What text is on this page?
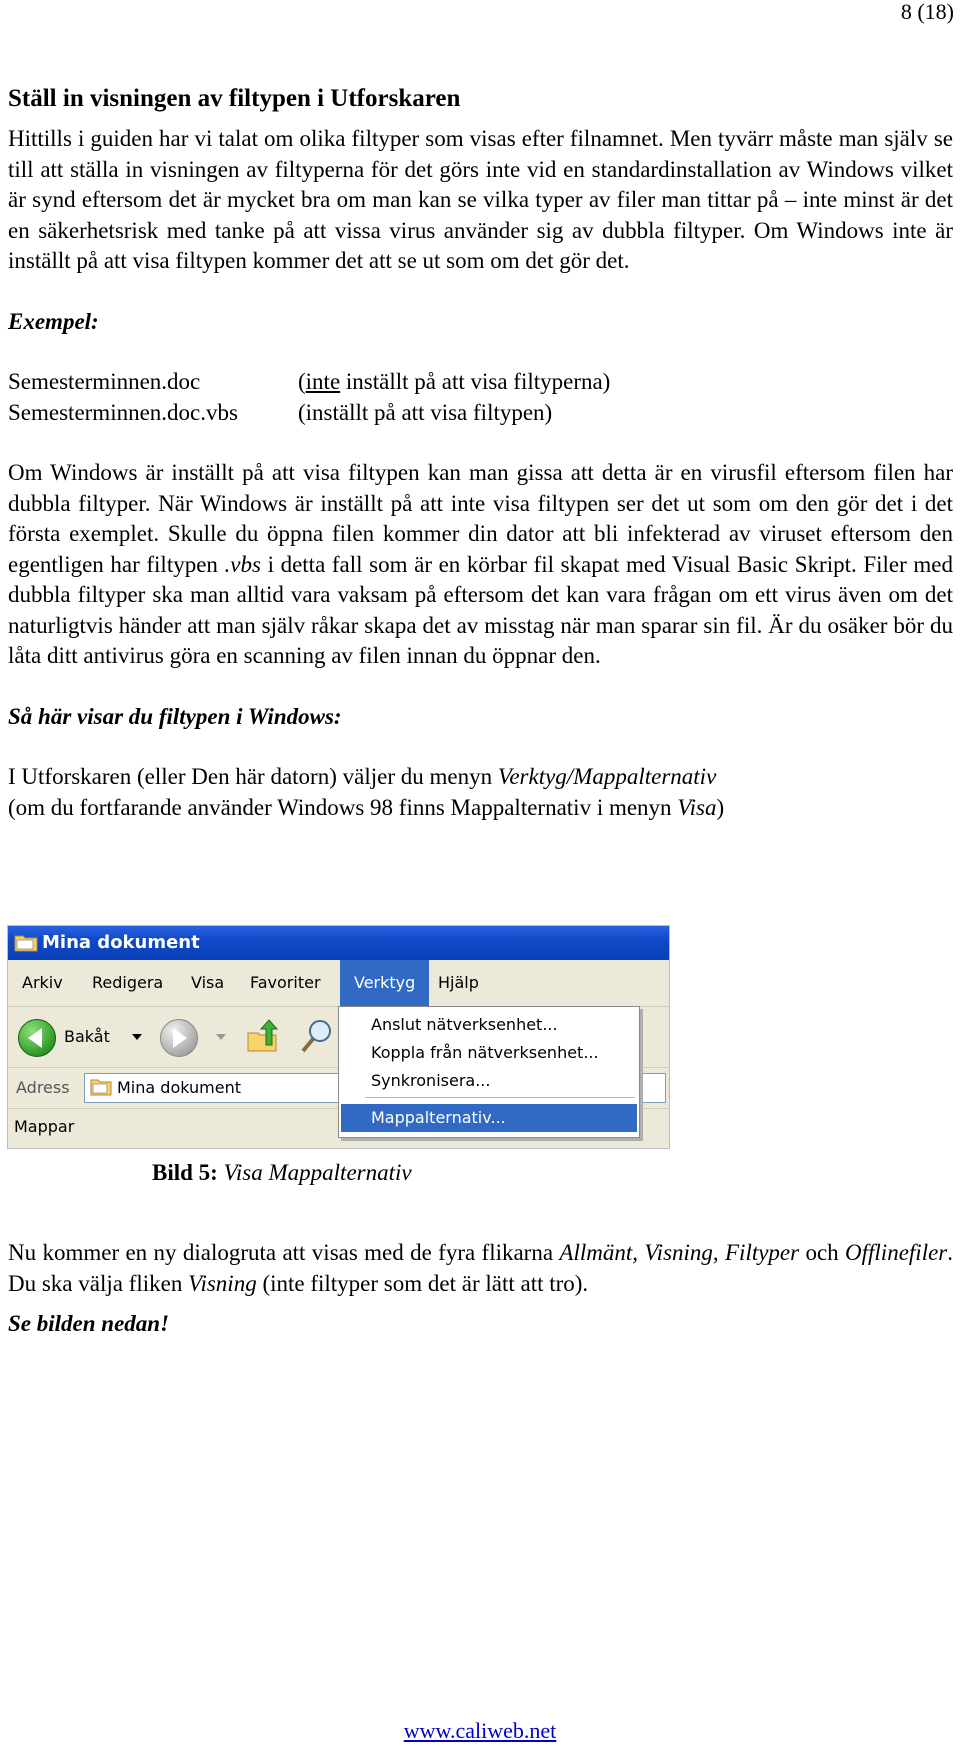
8 (18)
Ställ in visningen av filtypen i Utforskaren

Hittills i guiden har vi talat om olika filtyper som visas efter filnamnet. Men tyvärr måste man själv se till att ställa in visningen av filtyperna för det görs inte vid en standardinstallation av Windows vilket är synd eftersom det är mycket bra om man kan se vilka typer av filer man tittar på – inte minst är det en säkerhetsrisk med tanke på att vissa virus använder sig av dubbla filtyper. Om Windows inte är inställt på att visa filtypen kommer det att se ut som om det gör det.

Exempel:

Semesterminnen.doc	(inte inställt på att visa filtyperna)
Semesterminnen.doc.vbs	(inställt på att visa filtypen)

Om Windows är inställt på att visa filtypen kan man gissa att detta är en virusfil eftersom filen har dubbla filtyper. När Windows är inställt på att inte visa filtypen ser det ut som om den gör det i det första exemplet. Skulle du öppna filen kommer din dator att bli infekterad av viruset eftersom den egentligen har filtypen .vbs i detta fall som är en körbar fil skapat med Visual Basic Skript. Filer med dubbla filtyper ska man alltid vara vaksam på eftersom det kan vara frågan om ett virus även om det naturligtvis händer att man själv råkar skapa det av misstag när man sparar sin fil. Är du osäker bör du låta ditt antivirus göra en scanning av filen innan du öppnar den.

Så här visar du filtypen i Windows:

I Utforskaren (eller Den här datorn) väljer du menyn Verktyg/Mappalternativ

(om du fortfarande använder Windows 98 finns Mappalternativ i menyn Visa)

Mina dokument
Arkiv	Redigera	Visa	Favoriter	Verktyg	Hjälp
Bakåt
Adress	Mina dokument
Mappar
Anslut nätverksenhet...
Koppla från nätverksenhet...
Synkronisera...
Mappalternativ...
Bild 5: Visa Mappalternativ

Nu kommer en ny dialogruta att visas med de fyra flikarna Allmänt, Visning, Filtyper och Offlinefiler. Du ska välja fliken Visning (inte filtyper som det är lätt att tro).

Se bilden nedan!

www.caliweb.net
